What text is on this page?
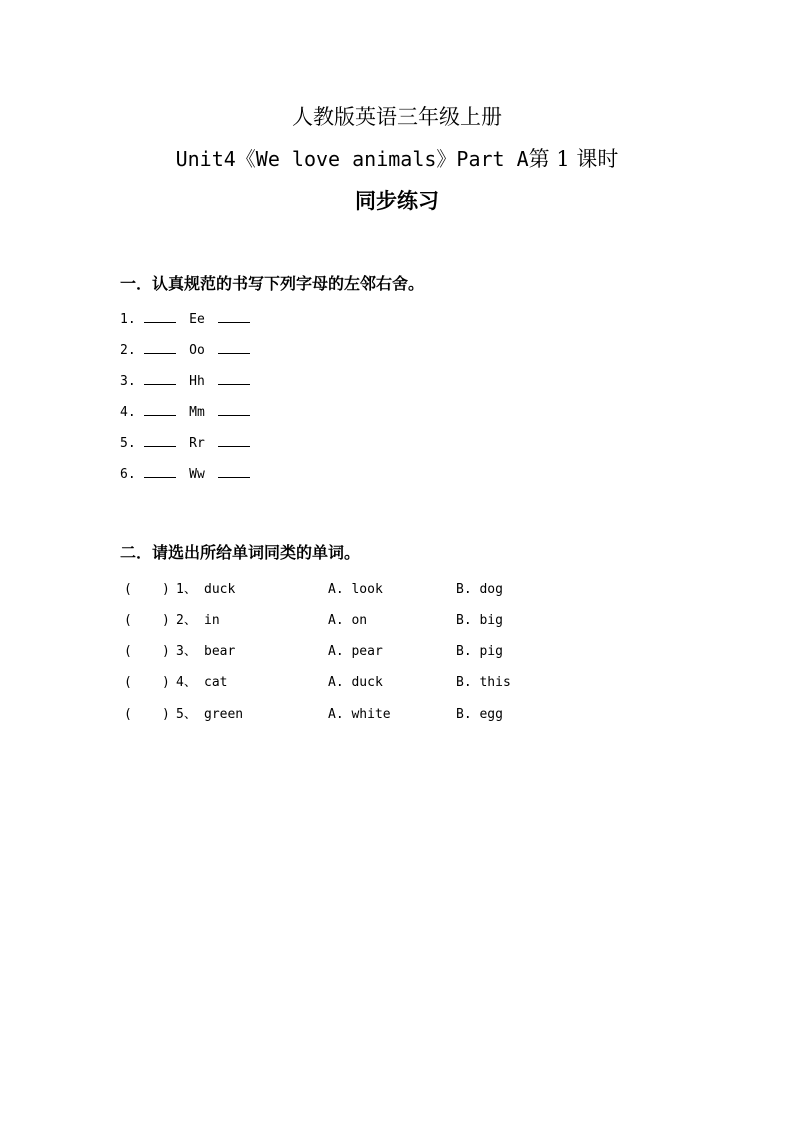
人教版英语三年级上册
Unit4《We love animals》Part A第 1 课时
同步练习
一．认真规范的书写下列字母的左邻右舍。
1.	Ee
2.	Oo
3.	Hh
4.	Mm
5.	Rr
6.	Ww
二．请选出所给单词同类的单词。
( ) 1、 duck	A. look	B. dog
( ) 2、 in	A. on	B. big
( ) 3、 bear	A. pear	B. pig
( ) 4、 cat	A. duck	B. this
( ) 5、 green	A. white	B. egg
